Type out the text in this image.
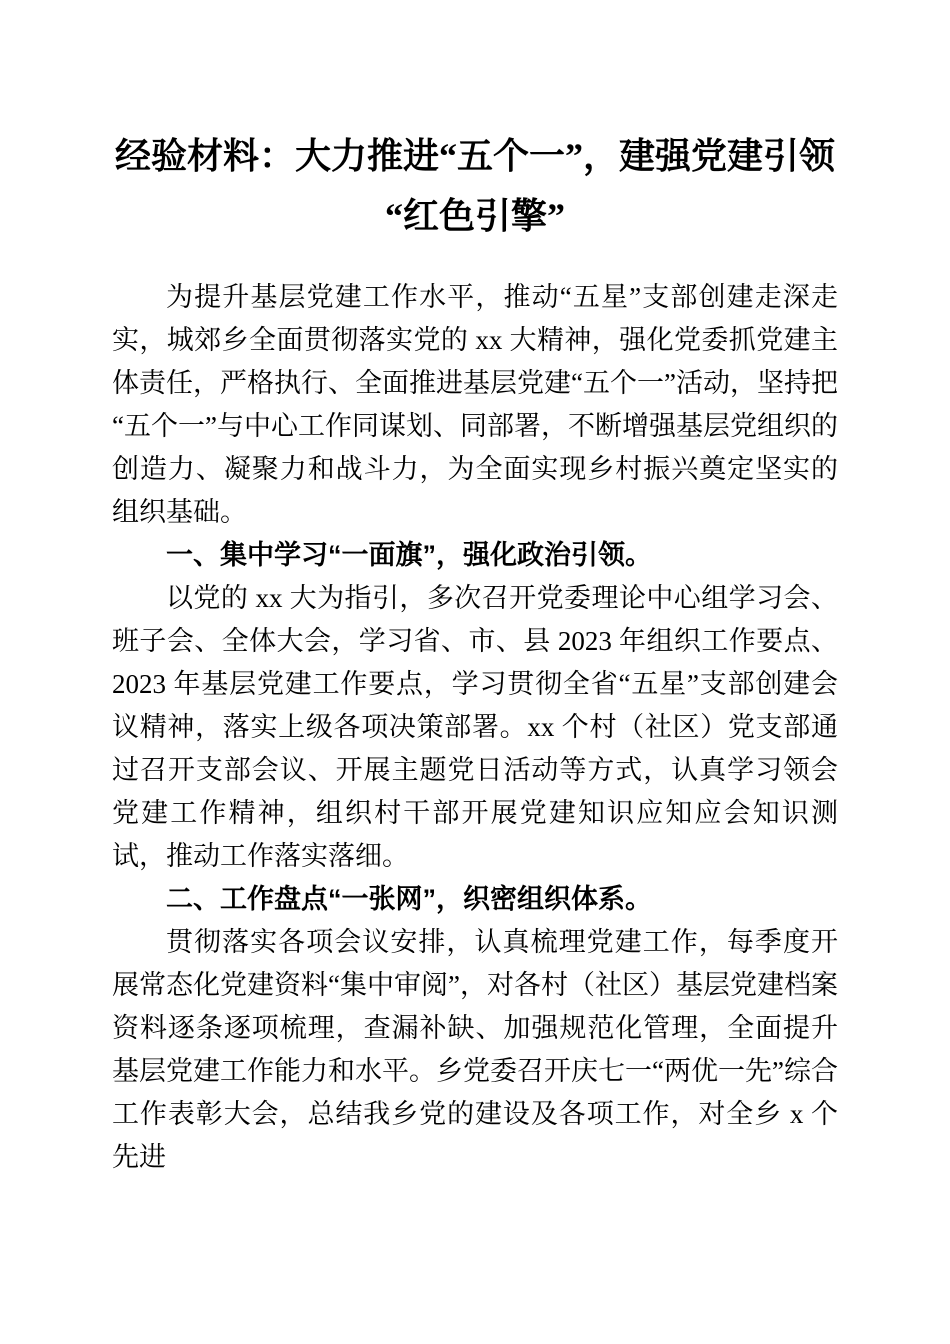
经验材料：大力推进“五个一”，建强党建引领“红色引擎”

为提升基层党建工作水平，推动“五星”支部创建走深走实，城郊乡全面贯彻落实党的 xx 大精神，强化党委抓党建主体责任，严格执行、全面推进基层党建“五个一”活动，坚持把“五个一”与中心工作同谋划、同部署，不断增强基层党组织的创造力、凝聚力和战斗力，为全面实现乡村振兴奠定坚实的组织基础。

一、集中学习“一面旗”，强化政治引领。

以党的 xx 大为指引，多次召开党委理论中心组学习会、班子会、全体大会，学习省、市、县 2023 年组织工作要点、2023 年基层党建工作要点，学习贯彻全省“五星”支部创建会议精神，落实上级各项决策部署。xx 个村（社区）党支部通过召开支部会议、开展主题党日活动等方式，认真学习领会党建工作精神，组织村干部开展党建知识应知应会知识测试，推动工作落实落细。

二、工作盘点“一张网”，织密组织体系。

贯彻落实各项会议安排，认真梳理党建工作，每季度开展常态化党建资料“集中审阅”，对各村（社区）基层党建档案资料逐条逐项梳理，查漏补缺、加强规范化管理，全面提升基层党建工作能力和水平。乡党委召开庆七一“两优一先”综合工作表彰大会，总结我乡党的建设及各项工作，对全乡 x 个先进
